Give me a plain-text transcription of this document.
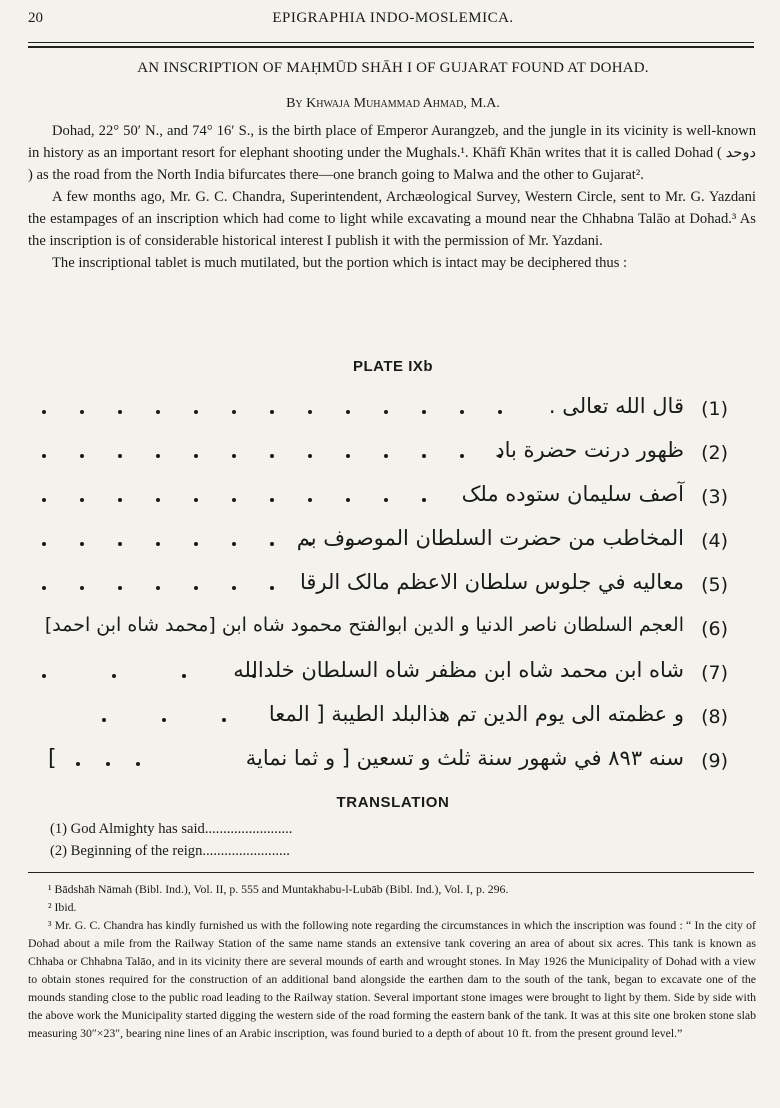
20	EPIGRAPHIA INDO-MOSLEMICA.
AN INSCRIPTION OF MAḤMŪD SHĀH I OF GUJARAT FOUND AT DOHAD.
By Khwaja Muhammad Ahmad, M.A.

Dohad, 22° 50′ N., and 74° 16′ S., is the birth place of Emperor Aurangzeb, and the jungle in its vicinity is well-known in history as an important resort for elephant shooting under the Mughals.¹. Khāfī Khān writes that it is called Dohad ( دوحد ) as the road from the North India bifurcates there—one branch going to Malwa and the other to Gujarat².

A few months ago, Mr. G. C. Chandra, Superintendent, Archæological Survey, Western Circle, sent to Mr. G. Yazdani the estampages of an inscription which had come to light while excavating a mound near the Chhabna Talāo at Dohad.³ As the inscription is of considerable historical interest I publish it with the permission of Mr. Yazdani.

The inscriptional tablet is much mutilated, but the portion which is intact may be deciphered thus :

PLATE IXb
قال الله تعالى . (1)
ظهور درنت حضرة باد (2)
آصف سليمان ستوده ملک (3)
المخاطب من حضرت السلطان الموصوف بم (4)
معاليه في جلوس سلطان الاعظم مالک الرقا (5)
العجم السلطان ناصر الدنيا و الدين ابوالفتح محمود شاه ابن [محمد شاه ابن احمد] (6)
شاه ابن محمد شاه ابن مظفر شاه السلطان خلدالله (7)
و عظمته الى يوم الدين تم هذالبلد الطيبة [ المعا (8)
[	سنه ۸۹۳ في شهور سنة ثلث و تسعين [ و ثما نماية (9)
TRANSLATION
(1) God Almighty has said........................
(2) Beginning of the reign........................

¹ Bādshāh Nāmah (Bibl. Ind.), Vol. II, p. 555 and Muntakhabu-l-Lubāb (Bibl. Ind.), Vol. I, p. 296.

² Ibid.

³ Mr. G. C. Chandra has kindly furnished us with the following note regarding the circumstances in which the inscription was found : “ In the city of Dohad about a mile from the Railway Station of the same name stands an extensive tank covering an area of about six acres. This tank is known as Chhaba or Chhabna Talāo, and in its vicinity there are several mounds of earth and wrought stones. In May 1926 the Municipality of Dohad with a view to obtain stones required for the construction of an additional band alongside the earthen dam to the south of the tank, began to excavate one of the mounds standing close to the public road leading to the Railway station. Several important stone images were brought to light by them. Side by side with the above work the Municipality started digging the western side of the road forming the eastern bank of the tank. It was at this site one broken stone slab measuring 30″×23″, bearing nine lines of an Arabic inscription, was found buried to a depth of about 10 ft. from the present ground level.”
